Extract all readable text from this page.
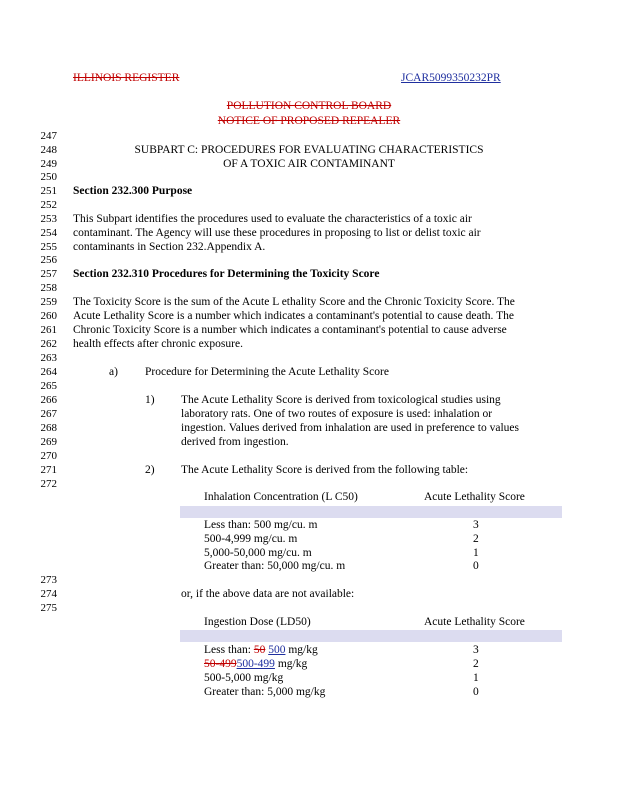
ILLINOIS REGISTER	JCAR5099350232PR
POLLUTION CONTROL BOARD
NOTICE OF PROPOSED REPEALER
247
248
249
250
251
252
253
254
255
256
257
258
259
260
261
262
263
264
265
266
267
268
269
270
271
272
273
274
275
SUBPART C: PROCEDURES FOR EVALUATING CHARACTERISTICS
OF A TOXIC AIR CONTAMINANT
Section 232.300 Purpose
This Subpart identifies the procedures used to evaluate the characteristics of a toxic air
contaminant. The Agency will use these procedures in proposing to list or delist toxic air
contaminants in Section 232.Appendix A.
Section 232.310 Procedures for Determining the Toxicity Score
The Toxicity Score is the sum of the Acute L ethality Score and the Chronic Toxicity Score. The
Acute Lethality Score is a number which indicates a contaminant's potential to cause death. The
Chronic Toxicity Score is a number which indicates a contaminant's potential to cause adverse
health effects after chronic exposure.
a) Procedure for Determining the Acute Lethality Score
1) The Acute Lethality Score is derived from toxicological studies using
laboratory rats. One of two routes of exposure is used: inhalation or
ingestion. Values derived from inhalation are used in preference to values
derived from ingestion.
2) The Acute Lethality Score is derived from the following table:
Inhalation Concentration (L C50)	Acute Lethality Score
Less than: 500 mg/cu. m	3
500-4,999 mg/cu. m	2
5,000-50,000 mg/cu. m	1
Greater than: 50,000 mg/cu. m	0
or, if the above data are not available:
Ingestion Dose (LD50)	Acute Lethality Score
Less than: 50 500 mg/kg	3
50-499500-499 mg/kg	2
500-5,000 mg/kg	1
Greater than: 5,000 mg/kg	0
